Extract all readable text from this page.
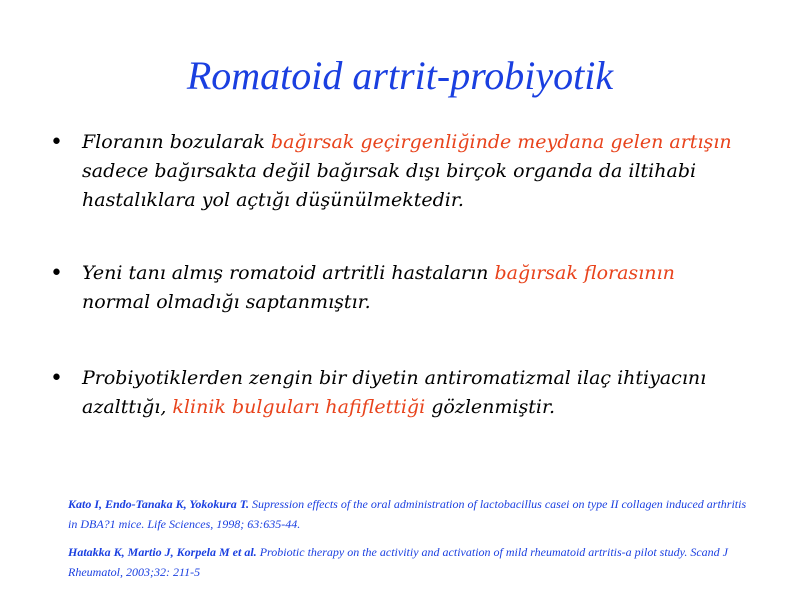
Romatoid artrit-probiyotik
• Floranın bozularak bağırsak geçirgenliğinde meydana gelen artışın sadece bağırsakta değil bağırsak dışı birçok organda da iltihabi hastalıklara yol açtığı düşünülmektedir.
• Yeni tanı almış romatoid artritli hastaların bağırsak florasının normal olmadığı saptanmıştır.
• Probiyotiklerden zengin bir diyetin antiromatizmal ilaç ihtiyacını azalttığı, klinik bulguları hafiflettiği gözlenmiştir.

Kato I, Endo-Tanaka K, Yokokura T. Supression effects of the oral administration of lactobacillus casei on type II collagen induced arthritis in DBA?1 mice. Life Sciences, 1998; 63:635-44.

Hatakka K, Martio J, Korpela M et al. Probiotic therapy on the activitiy and activation of mild rheumatoid artritis-a pilot study. Scand J Rheumatol, 2003;32: 211-5
